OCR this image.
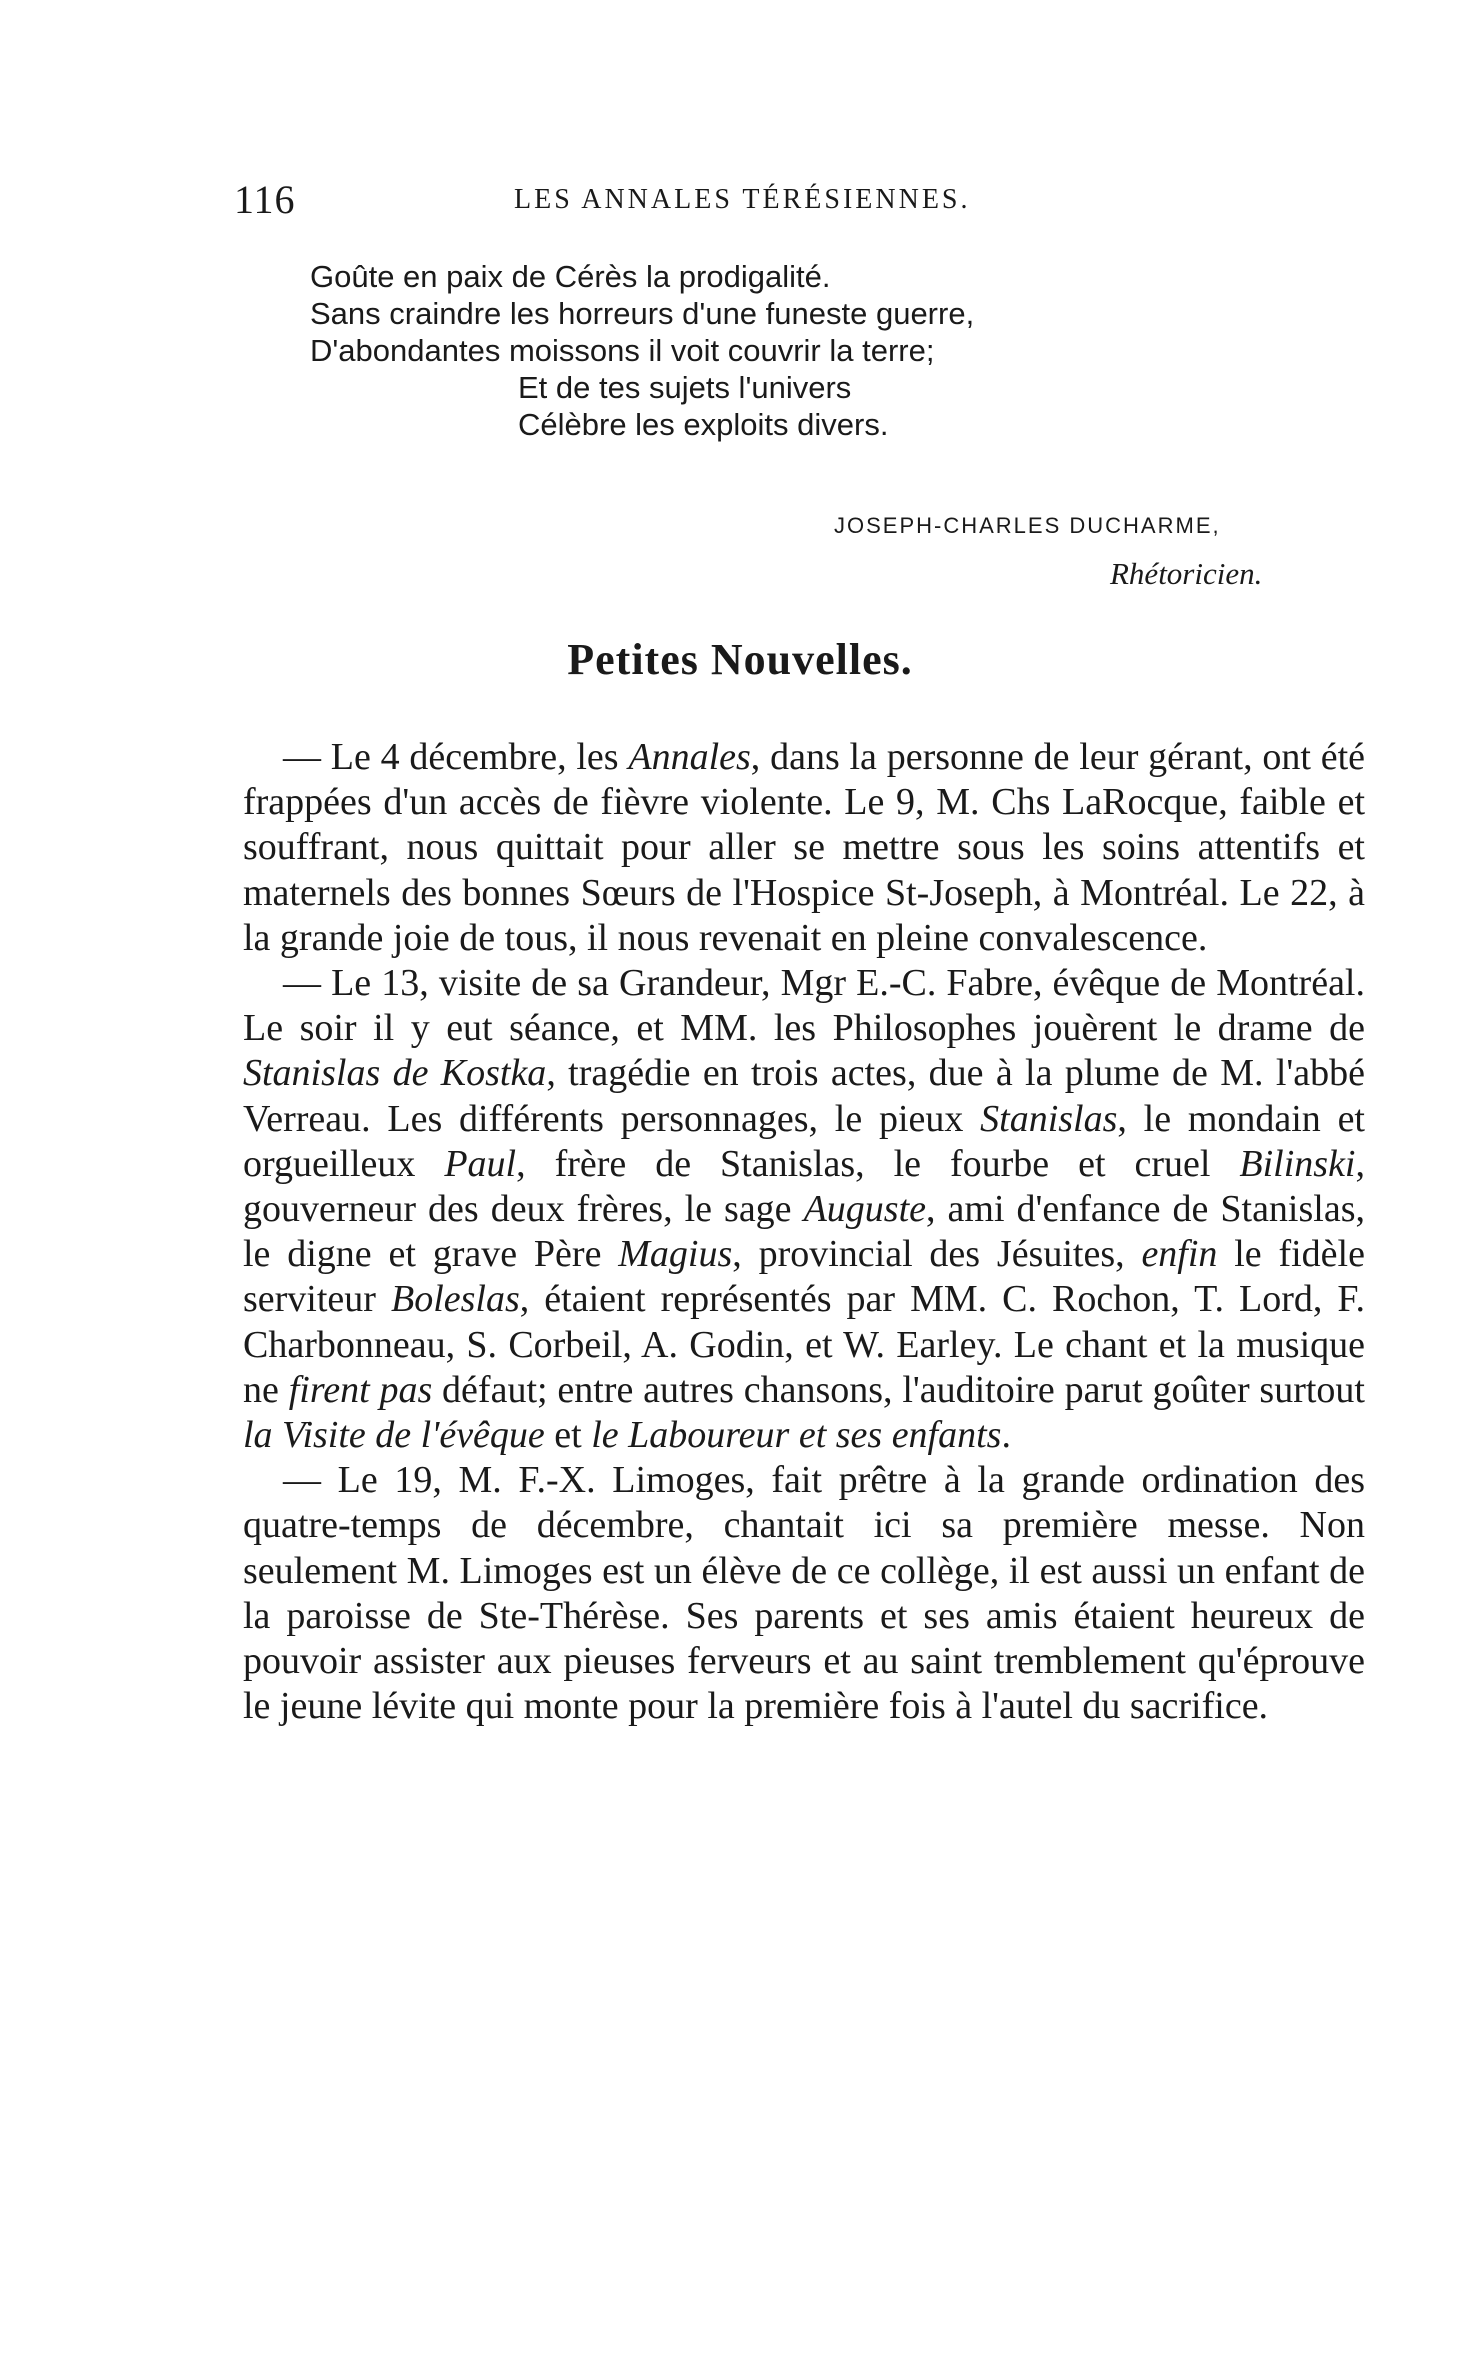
116	LES ANNALES TÉRÉSIENNES.
Goûte en paix de Cérès la prodigalité.
Sans craindre les horreurs d'une funeste guerre,
D'abondantes moissons il voit couvrir la terre;
Et de tes sujets l'univers
Célèbre les exploits divers.
JOSEPH-CHARLES DUCHARME,
Rhétoricien.
Petites Nouvelles.

— Le 4 décembre, les Annales, dans la personne de leur gérant, ont été frappées d'un accès de fièvre violente. Le 9, M. Chs LaRocque, faible et souffrant, nous quittait pour aller se mettre sous les soins attentifs et maternels des bonnes Sœurs de l'Hospice St-Joseph, à Montréal. Le 22, à la grande joie de tous, il nous revenait en pleine convalescence.

— Le 13, visite de sa Grandeur, Mgr E.-C. Fabre, évêque de Montréal. Le soir il y eut séance, et MM. les Philosophes jouèrent le drame de Stanislas de Kostka, tragédie en trois actes, due à la plume de M. l'abbé Verreau. Les différents personnages, le pieux Stanislas, le mondain et orgueilleux Paul, frère de Stanislas, le fourbe et cruel Bilinski, gouverneur des deux frères, le sage Auguste, ami d'enfance de Stanislas, le digne et grave Père Magius, provincial des Jésuites, enfin le fidèle serviteur Boleslas, étaient représentés par MM. C. Rochon, T. Lord, F. Charbonneau, S. Corbeil, A. Godin, et W. Earley. Le chant et la musique ne firent pas défaut; entre autres chansons, l'auditoire parut goûter surtout la Visite de l'évêque et le Laboureur et ses enfants.

— Le 19, M. F.-X. Limoges, fait prêtre à la grande ordination des quatre-temps de décembre, chantait ici sa première messe. Non seulement M. Limoges est un élève de ce collège, il est aussi un enfant de la paroisse de Ste-Thérèse. Ses parents et ses amis étaient heureux de pouvoir assister aux pieuses ferveurs et au saint tremblement qu'éprouve le jeune lévite qui monte pour la première fois à l'autel du sacrifice.
